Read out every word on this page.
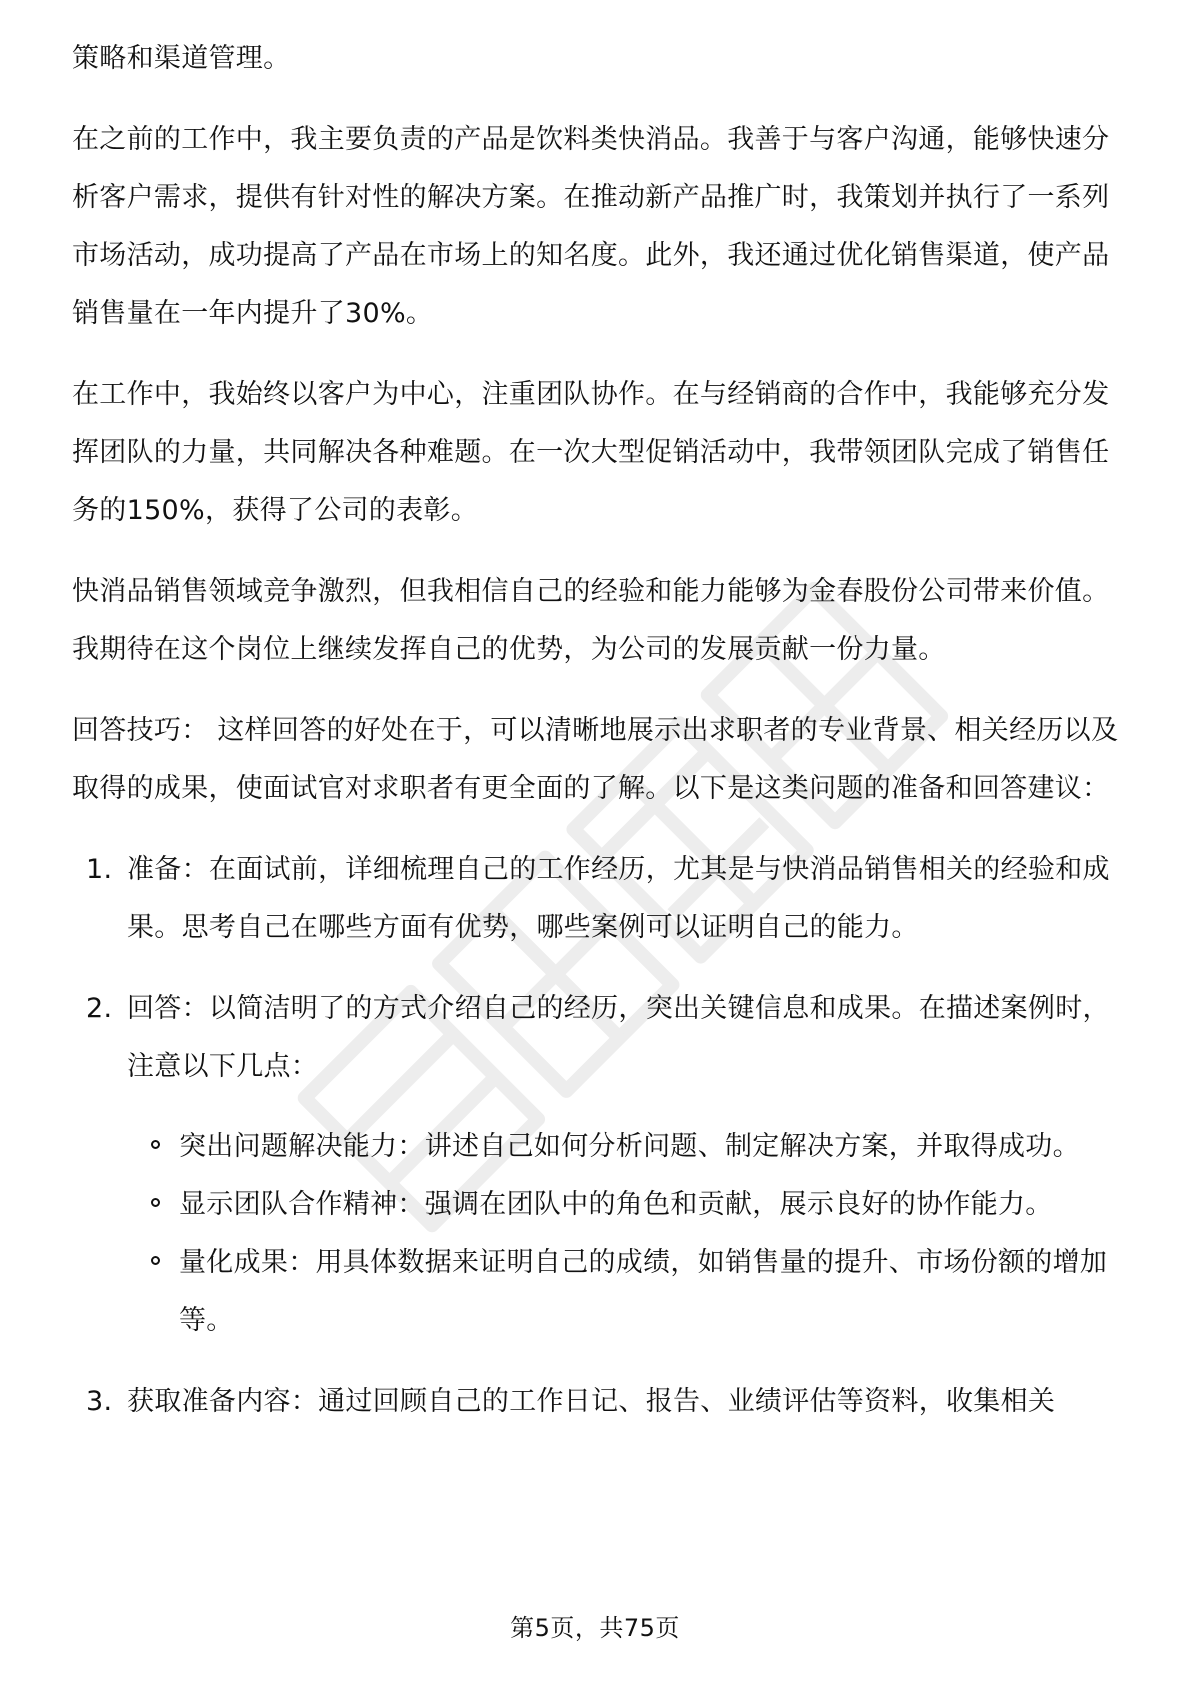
策略和渠道管理。

在之前的工作中，我主要负责的产品是饮料类快消品。我善于与客户沟通，能够快速分析客户需求，提供有针对性的解决方案。在推动新产品推广时，我策划并执行了一系列市场活动，成功提高了产品在市场上的知名度。此外，我还通过优化销售渠道，使产品销售量在一年内提升了30%。

在工作中，我始终以客户为中心，注重团队协作。在与经销商的合作中，我能够充分发挥团队的力量，共同解决各种难题。在一次大型促销活动中，我带领团队完成了销售任务的150%，获得了公司的表彰。

快消品销售领域竞争激烈，但我相信自己的经验和能力能够为金春股份公司带来价值。我期待在这个岗位上继续发挥自己的优势，为公司的发展贡献一份力量。

回答技巧： 这样回答的好处在于，可以清晰地展示出求职者的专业背景、相关经历以及取得的成果，使面试官对求职者有更全面的了解。以下是这类问题的准备和回答建议：

1. 准备：在面试前，详细梳理自己的工作经历，尤其是与快消品销售相关的经验和成果。思考自己在哪些方面有优势，哪些案例可以证明自己的能力。
2. 回答：以简洁明了的方式介绍自己的经历，突出关键信息和成果。在描述案例时，注意以下几点：
突出问题解决能力：讲述自己如何分析问题、制定解决方案，并取得成功。
显示团队合作精神：强调在团队中的角色和贡献，展示良好的协作能力。
量化成果：用具体数据来证明自己的成绩，如销售量的提升、市场份额的增加等。
3. 获取准备内容：通过回顾自己的工作日记、报告、业绩评估等资料，收集相关
第5页，共75页
